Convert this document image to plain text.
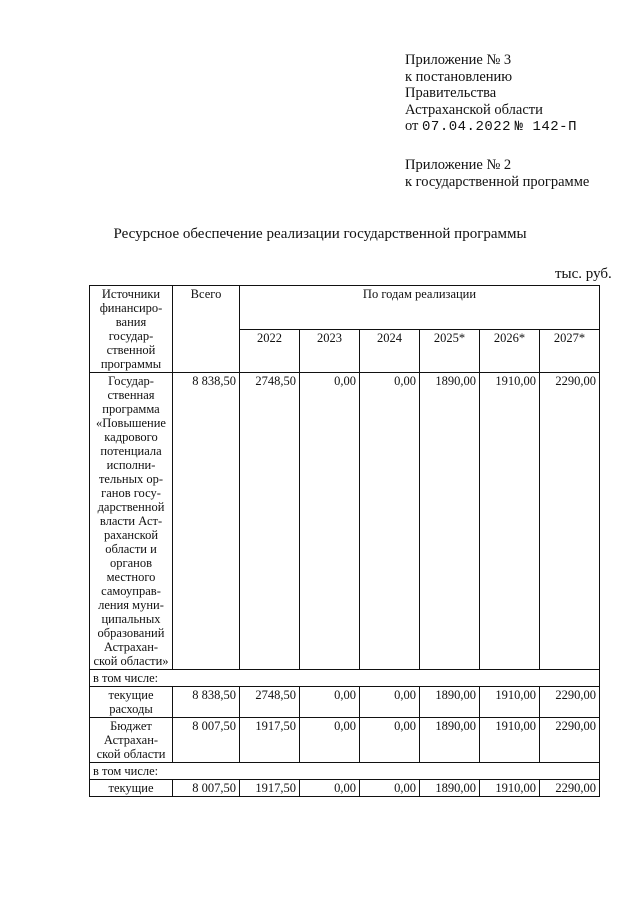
Приложение № 3
к постановлению
Правительства
Астраханской области
от 07.04.2022 № 142-П
Приложение № 2
к государственной программе
Ресурсное обеспечение реализации государственной программы
тыс. руб.
Источники финансиро- вания государ- ственной программы	Всего	По годам реализации					
		2022	2023	2024	2025*	2026*	2027*
Государ- ственная программа «Повышение кадрового потенциала исполни- тельных ор- ганов госу- дарственной власти Аст- раханской области и органов местного самоуправ- ления муни- ципальных образований Астрахан- ской области»	8 838,50	2748,50	0,00	0,00	1890,00	1910,00	2290,00
в том числе:							
текущие расходы	8 838,50	2748,50	0,00	0,00	1890,00	1910,00	2290,00
Бюджет Астрахан- ской области	8 007,50	1917,50	0,00	0,00	1890,00	1910,00	2290,00
в том числе:							
текущие	8 007,50	1917,50	0,00	0,00	1890,00	1910,00	2290,00
